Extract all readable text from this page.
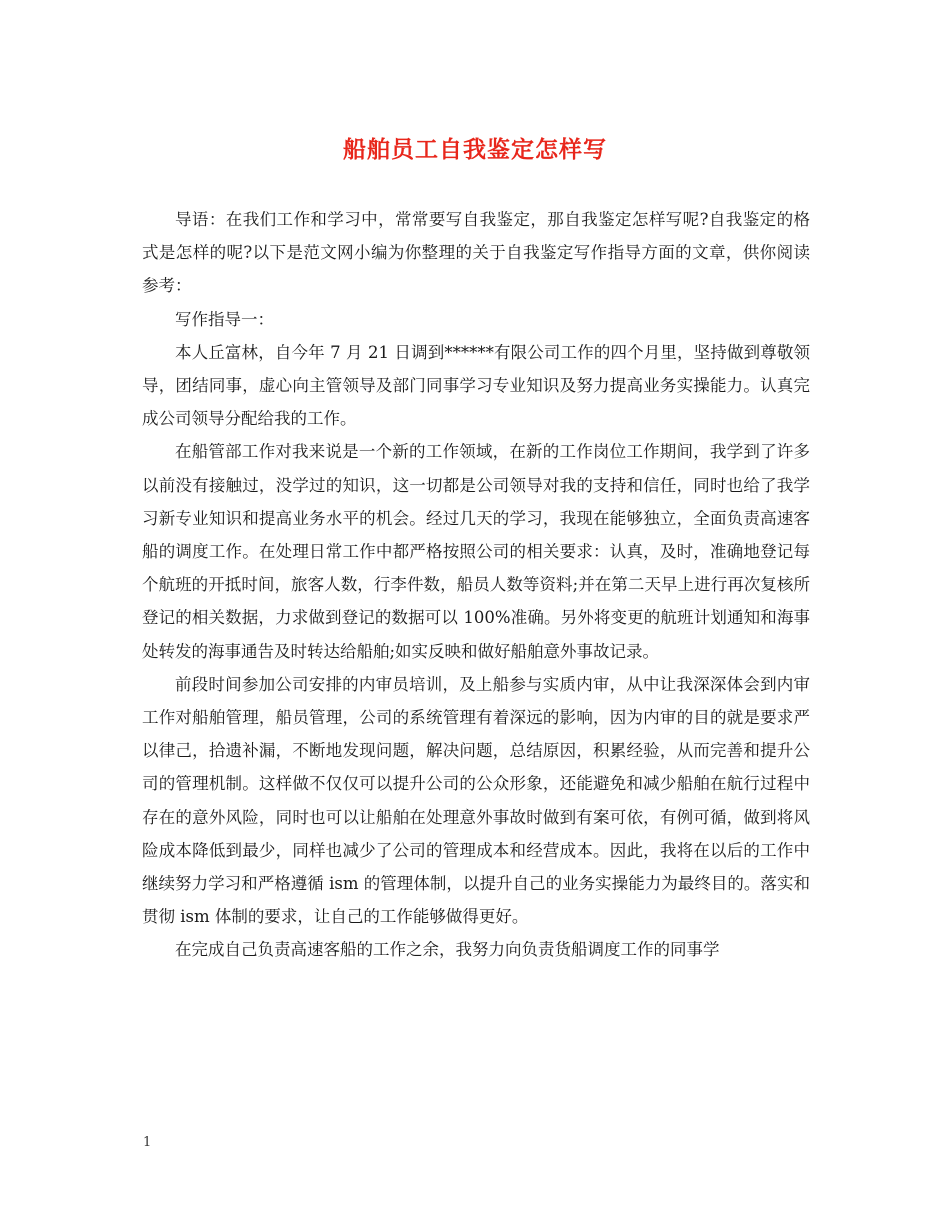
船舶员工自我鉴定怎样写

导语：在我们工作和学习中，常常要写自我鉴定，那自我鉴定怎样写呢?自我鉴定的格式是怎样的呢?以下是范文网小编为你整理的关于自我鉴定写作指导方面的文章，供你阅读参考：

写作指导一：

本人丘富林，自今年 7 月 21 日调到******有限公司工作的四个月里，坚持做到尊敬领导，团结同事，虚心向主管领导及部门同事学习专业知识及努力提高业务实操能力。认真完成公司领导分配给我的工作。

在船管部工作对我来说是一个新的工作领域，在新的工作岗位工作期间，我学到了许多以前没有接触过，没学过的知识，这一切都是公司领导对我的支持和信任，同时也给了我学习新专业知识和提高业务水平的机会。经过几天的学习，我现在能够独立，全面负责高速客船的调度工作。在处理日常工作中都严格按照公司的相关要求：认真，及时，准确地登记每个航班的开抵时间，旅客人数，行李件数，船员人数等资料;并在第二天早上进行再次复核所登记的相关数据，力求做到登记的数据可以 100%准确。另外将变更的航班计划通知和海事处转发的海事通告及时转达给船舶;如实反映和做好船舶意外事故记录。

前段时间参加公司安排的内审员培训，及上船参与实质内审，从中让我深深体会到内审工作对船舶管理，船员管理，公司的系统管理有着深远的影响，因为内审的目的就是要求严以律己，拾遗补漏，不断地发现问题，解决问题，总结原因，积累经验，从而完善和提升公司的管理机制。这样做不仅仅可以提升公司的公众形象，还能避免和减少船舶在航行过程中存在的意外风险，同时也可以让船舶在处理意外事故时做到有案可依，有例可循，做到将风险成本降低到最少，同样也减少了公司的管理成本和经营成本。因此，我将在以后的工作中继续努力学习和严格遵循 ism 的管理体制，以提升自己的业务实操能力为最终目的。落实和贯彻 ism 体制的要求，让自己的工作能够做得更好。

在完成自己负责高速客船的工作之余，我努力向负责货船调度工作的同事学

1
